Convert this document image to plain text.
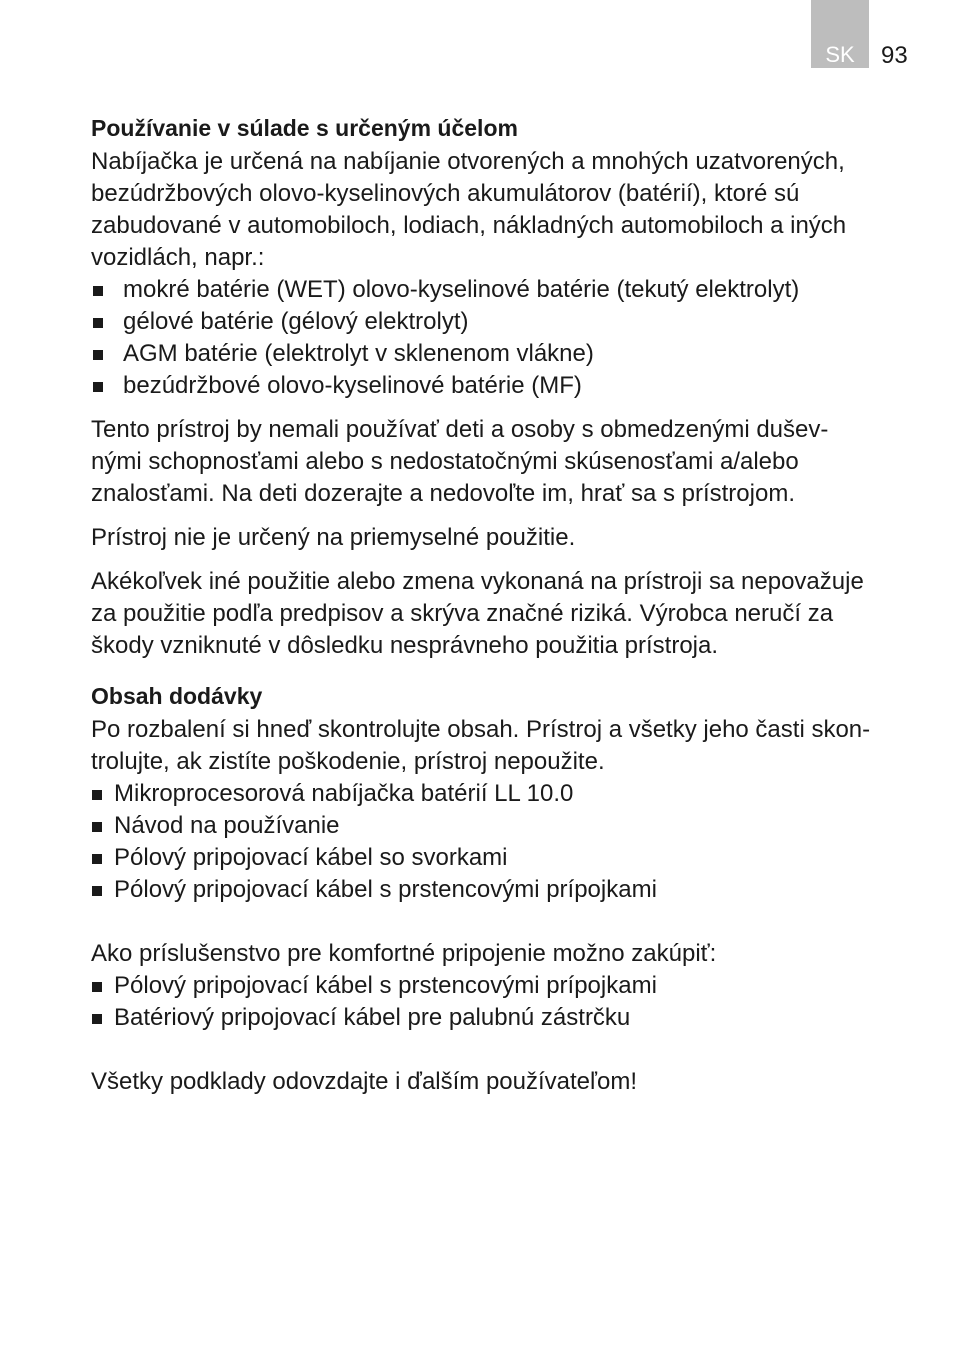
SK	93
Používanie v súlade s určeným účelom

Nabíjačka je určená na nabíjanie otvorených a mnohých uzatvorených,
bezúdržbových olovo-kyselinových akumulátorov (batérií), ktoré sú
zabudované v automobiloch, lodiach, nákladných automobiloch a iných
vozidlách, napr.:

mokré batérie (WET) olovo-kyselinové batérie (tekutý elektrolyt)
gélové batérie (gélový elektrolyt)
AGM batérie (elektrolyt v sklenenom vlákne)
bezúdržbové olovo-kyselinové batérie (MF)

Tento prístroj by nemali používať deti a osoby s obmedzenými dušev-
nými schopnosťami alebo s nedostatočnými skúsenosťami a/alebo
znalosťami. Na deti dozerajte a nedovoľte im, hrať sa s prístrojom.

Prístroj nie je určený na priemyselné použitie.

Akékoľvek iné použitie alebo zmena vykonaná na prístroji sa nepovažuje
za použitie podľa predpisov a skrýva značné riziká. Výrobca neručí za
škody vzniknuté v dôsledku nesprávneho použitia prístroja.

Obsah dodávky

Po rozbalení si hneď skontrolujte obsah. Prístroj a všetky jeho časti skon-
trolujte, ak zistíte poškodenie, prístroj nepoužite.

Mikroprocesorová nabíjačka batérií LL 10.0
Návod na používanie
Pólový pripojovací kábel so svorkami
Pólový pripojovací kábel s prstencovými prípojkami

Ako príslušenstvo pre komfortné pripojenie možno zakúpiť:

Pólový pripojovací kábel s prstencovými prípojkami
Batériový pripojovací kábel pre palubnú zástrčku

Všetky podklady odovzdajte i ďalším používateľom!
